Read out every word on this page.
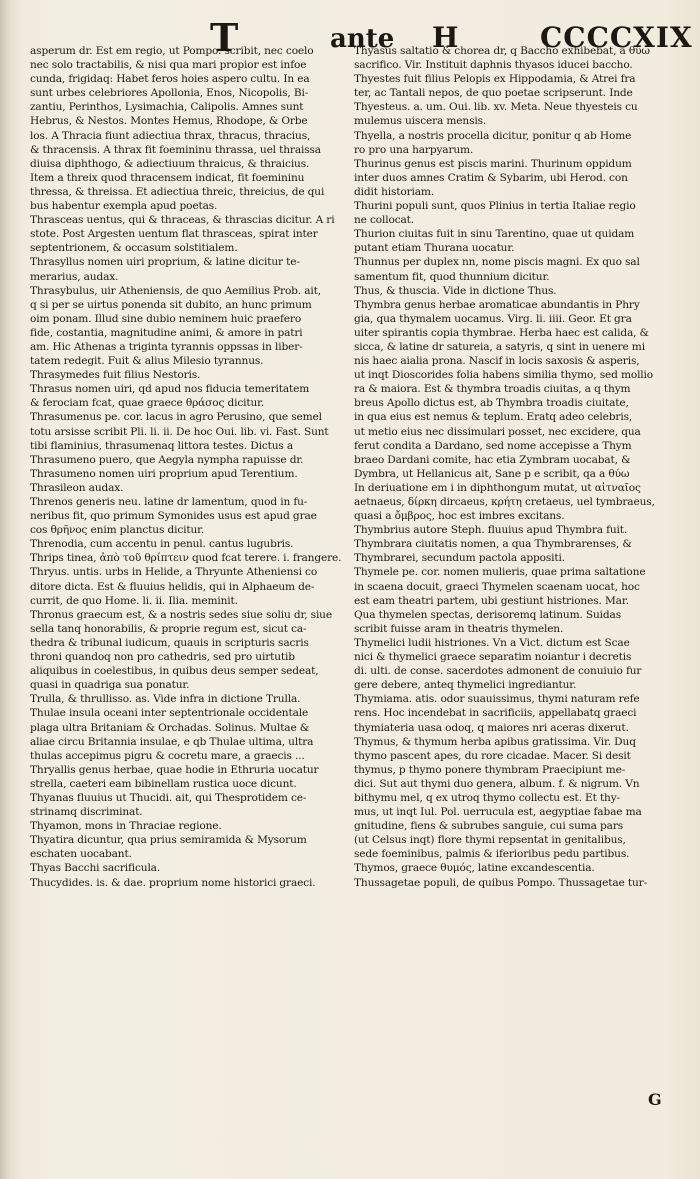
T	ante H	CCCCXIX
asperum dr. Est em regio, ut Pompo. scribit, nec coelo
nec solo tractabilis, & nisi qua mari propior est infoe
cunda, frigidaq: Habet feros hoies aspero cultu. In ea
sunt urbes celebriores Apollonia, Enos, Nicopolis, Bi-
zantiu, Perinthos, Lysimachia, Calipolis. Amnes sunt
Hebrus, & Nestos. Montes Hemus, Rhodope, & Orbe
los. A Thracia fiunt adiectiua thrax, thracus, thracius,
& thracensis. A thrax fit foemininu thrassa, uel thraissa
diuisa diphthogo, & adiectiuum thraicus, & thraicius.
Item a threix quod thracensem indicat, fit foemininu
thressa, & threissa. Et adiectiua threic, threicius, de qui
bus habentur exempla apud poetas.
Thrasceas uentus, qui & thraceas, & thrascias dicitur. A ri
stote. Post Argesten uentum flat thrasceas, spirat inter
septentrionem, & occasum solstitialem.
Thrasyllus nomen uiri proprium, & latine dicitur te-
merarius, audax.
Thrasybulus, uir Atheniensis, de quo Aemilius Prob. ait,
q si per se uirtus ponenda sit dubito, an hunc primum
oim ponam. Illud sine dubio neminem huic praefero
fide, costantia, magnitudine animi, & amore in patri
am. Hic Athenas a triginta tyrannis oppssas in liber-
tatem redegit. Fuit & alius Milesio tyrannus.
Thrasymedes fuit filius Nestoris.
Thrasus nomen uiri, qd apud nos fiducia temeritatem
& ferociam fcat, quae graece θράσος dicitur.
Thrasumenus pe. cor. lacus in agro Perusino, que semel
totu arsisse scribit Pli. li. ii. De hoc Oui. lib. vi. Fast. Sunt
tibi flaminius, thrasumenaq littora testes. Dictus a
Thrasumeno puero, que Aegyla nympha rapuisse dr.
Thrasumeno nomen uiri proprium apud Terentium.
Thrasileon audax.
Threnos generis neu. latine dr lamentum, quod in fu-
neribus fit, quo primum Symonides usus est apud grae
cos θρῆνος enim planctus dicitur.
Threnodia, cum accentu in penul. cantus lugubris.
Thrips tinea, ἀπὸ τοῦ θρίπτειν quod fcat terere. i. frangere.
Thryus. untis. urbs in Helide, a Thryunte Atheniensi co
ditore dicta. Est & fluuius helidis, qui in Alphaeum de-
currit, de quo Home. li. ii. Ilia. meminit.
Thronus graecum est, & a nostris sedes siue soliu dr, siue
sella tanq honorabilis, & proprie regum est, sicut ca-
thedra & tribunal iudicum, quauis in scripturis sacris
throni quandoq non pro cathedris, sed pro uirtutib
aliquibus in coelestibus, in quibus deus semper sedeat,
quasi in quadriga sua ponatur.
Trulla, & thrullisso. as. Vide infra in dictione Trulla.
Thulae insula oceani inter septentrionale occidentale
plaga ultra Britaniam & Orchadas. Solinus. Multae &
aliae circu Britannia insulae, e qb Thulae ultima, ultra
thulas accepimus pigru & cocretu mare, a graecis ...
Thryallis genus herbae, quae hodie in Ethruria uocatur
strella, caeteri eam bibinellam rustica uoce dicunt.
Thyanas fluuius ut Thucidi. ait, qui Thesprotidem ce-
strinamq discriminat.
Thyamon, mons in Thraciae regione.
Thyatira dicuntur, qua prius semiramida & Mysorum
eschaten uocabant.
Thyas Bacchi sacrificula.
Thucydides. is. & dae. proprium nome historici graeci.
Thyasus saltatio & chorea dr, q Baccho exhibebat, a θύω
sacrifico. Vir. Instituit daphnis thyasos iducei baccho.
Thyestes fuit filius Pelopis ex Hippodamia, & Atrei fra
ter, ac Tantali nepos, de quo poetae scripserunt. Inde
Thyesteus. a. um. Oui. lib. xv. Meta. Neue thyesteis cu
mulemus uiscera mensis.
Thyella, a nostris procella dicitur, ponitur q ab Home
ro pro una harpyarum.
Thurinus genus est piscis marini. Thurinum oppidum
inter duos amnes Cratim & Sybarim, ubi Herod. con
didit historiam.
Thurini populi sunt, quos Plinius in tertia Italiae regio
ne collocat.
Thurion ciuitas fuit in sinu Tarentino, quae ut quidam
putant etiam Thurana uocatur.
Thunnus per duplex nn, nome piscis magni. Ex quo sal
samentum fit, quod thunnium dicitur.
Thus, & thuscia. Vide in dictione Thus.
Thymbra genus herbae aromaticae abundantis in Phry
gia, qua thymalem uocamus. Virg. li. iiii. Geor. Et gra
uiter spirantis copia thymbrae. Herba haec est calida, &
sicca, & latine dr satureia, a satyris, q sint in uenere mi
nis haec aialia prona. Nascif in locis saxosis & asperis,
ut inqt Dioscorides folia habens similia thymo, sed mollio
ra & maiora. Est & thymbra troadis ciuitas, a q thym
breus Apollo dictus est, ab Thymbra troadis ciuitate,
in qua eius est nemus & teplum. Eratq adeo celebris,
ut metio eius nec dissimulari posset, nec excidere, qua
ferut condita a Dardano, sed nome accepisse a Thym
braeo Dardani comite, hac etia Zymbram uocabat, &
Dymbra, ut Hellanicus ait, Sane p e scribit, qa a θύω
In deriuatione em i in diphthongum mutat, ut αἰτναῖος
aetnaeus, δίρκη dircaeus, κρήτη cretaeus, uel tymbraeus,
quasi a ὄμβρος, hoc est imbres excitans.
Thymbrius autore Steph. fluuius apud Thymbra fuit.
Thymbrara ciuitatis nomen, a qua Thymbrarenses, &
Thymbrarei, secundum pactola appositi.
Thymele pe. cor. nomen mulieris, quae prima saltatione
in scaena docuit, graeci Thymelen scaenam uocat, hoc
est eam theatri partem, ubi gestiunt histriones. Mar.
Qua thymelen spectas, derisoremq latinum. Suidas
scribit fuisse aram in theatris thymelen.
Thymelici ludii histriones. Vn a Vict. dictum est Scae
nici & thymelici graece separatim noiantur i decretis
di. ulti. de conse. sacerdotes admonent de conuiuio fur
gere debere, anteq thymelici ingrediantur.
Thymiama. atis. odor suauissimus, thymi naturam refe
rens. Hoc incendebat in sacrificiis, appellabatq graeci
thymiateria uasa odoq, q maiores nri aceras dixerut.
Thymus, & thymum herba apibus gratissima. Vir. Duq
thymo pascent apes, du rore cicadae. Macer. Si desit
thymus, p thymo ponere thymbram Praecipiunt me-
dici. Sut aut thymi duo genera, album. f. & nigrum. Vn
bithymu mel, q ex utroq thymo collectu est. Et thy-
mus, ut inqt Iul. Pol. uerrucula est, aegyptiae fabae ma
gnitudine, fiens & subrubes sanguie, cui suma pars
(ut Celsus inqt) flore thymi repsentat in genitalibus,
sede foeminibus, palmis & iferioribus pedu partibus.
Thymos, graece θυμός, latine excandescentia.
Thussagetae populi, de quibus Pompo. Thussagetae tur-
G
